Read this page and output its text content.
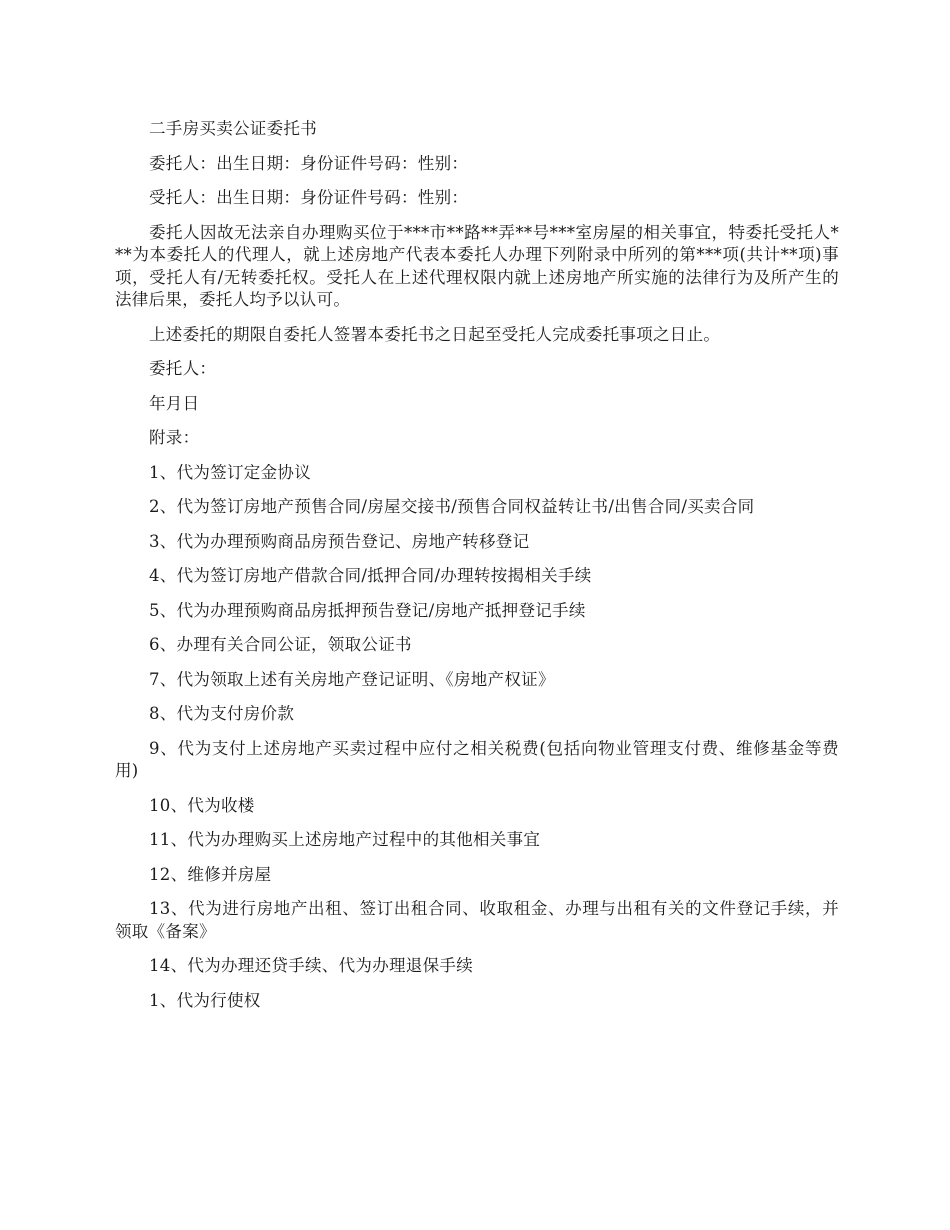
二手房买卖公证委托书

委托人：出生日期：身份证件号码：性别：

受托人：出生日期：身份证件号码：性别：

委托人因故无法亲自办理购买位于***市**路**弄**号***室房屋的相关事宜，特委托受托人***为本委托人的代理人，就上述房地产代表本委托人办理下列附录中所列的第***项(共计**项)事项，受托人有/无转委托权。受托人在上述代理权限内就上述房地产所实施的法律行为及所产生的法律后果，委托人均予以认可。

上述委托的期限自委托人签署本委托书之日起至受托人完成委托事项之日止。

委托人：

年月日

附录：

1、代为签订定金协议

2、代为签订房地产预售合同/房屋交接书/预售合同权益转让书/出售合同/买卖合同

3、代为办理预购商品房预告登记、房地产转移登记

4、代为签订房地产借款合同/抵押合同/办理转按揭相关手续

5、代为办理预购商品房抵押预告登记/房地产抵押登记手续

6、办理有关合同公证，领取公证书

7、代为领取上述有关房地产登记证明、《房地产权证》

8、代为支付房价款

9、代为支付上述房地产买卖过程中应付之相关税费(包括向物业管理支付费、维修基金等费用)

10、代为收楼

11、代为办理购买上述房地产过程中的其他相关事宜

12、维修并房屋

13、代为进行房地产出租、签订出租合同、收取租金、办理与出租有关的文件登记手续，并领取《备案》

14、代为办理还贷手续、代为办理退保手续

1、代为行使权
